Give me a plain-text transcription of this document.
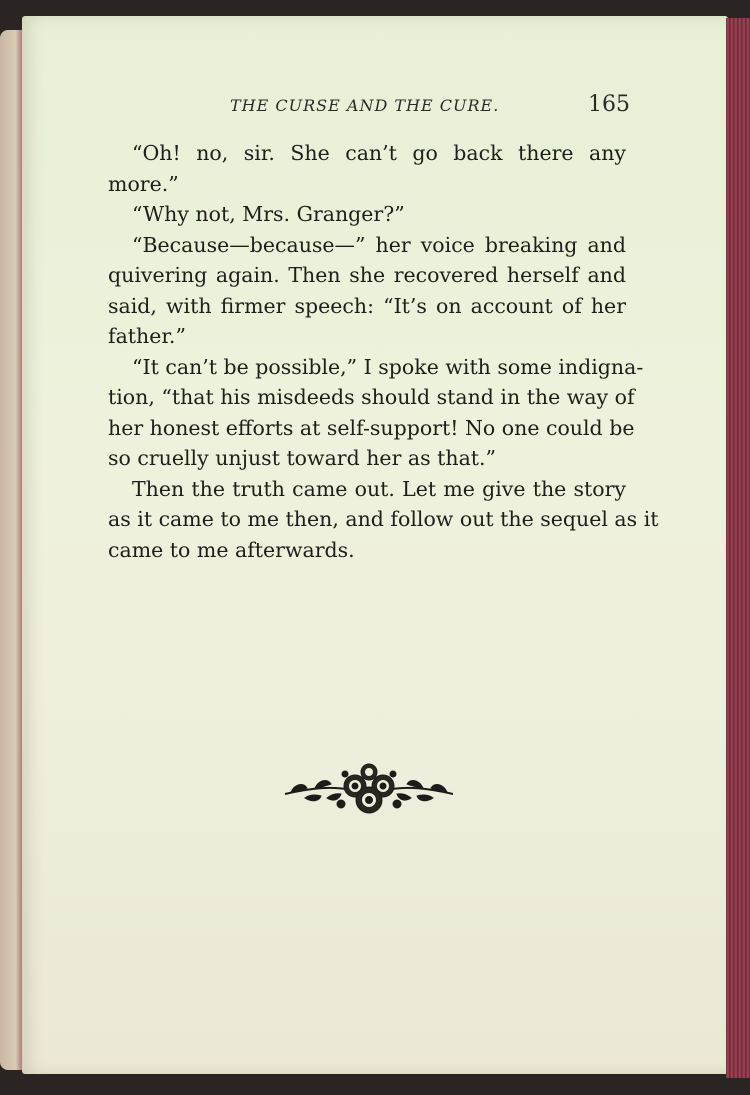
THE CURSE AND THE CURE.	165
“Oh! no, sir. She can’t go back there any
more.”
“Why not, Mrs. Granger?”
“Because—because—” her voice breaking and
quivering again. Then she recovered herself and
said, with firmer speech: “It’s on account of her
father.”
“It can’t be possible,” I spoke with some indigna-
tion, “that his misdeeds should stand in the way of
her honest efforts at self-support! No one could be
so cruelly unjust toward her as that.”
Then the truth came out. Let me give the story
as it came to me then, and follow out the sequel as it
came to me afterwards.
